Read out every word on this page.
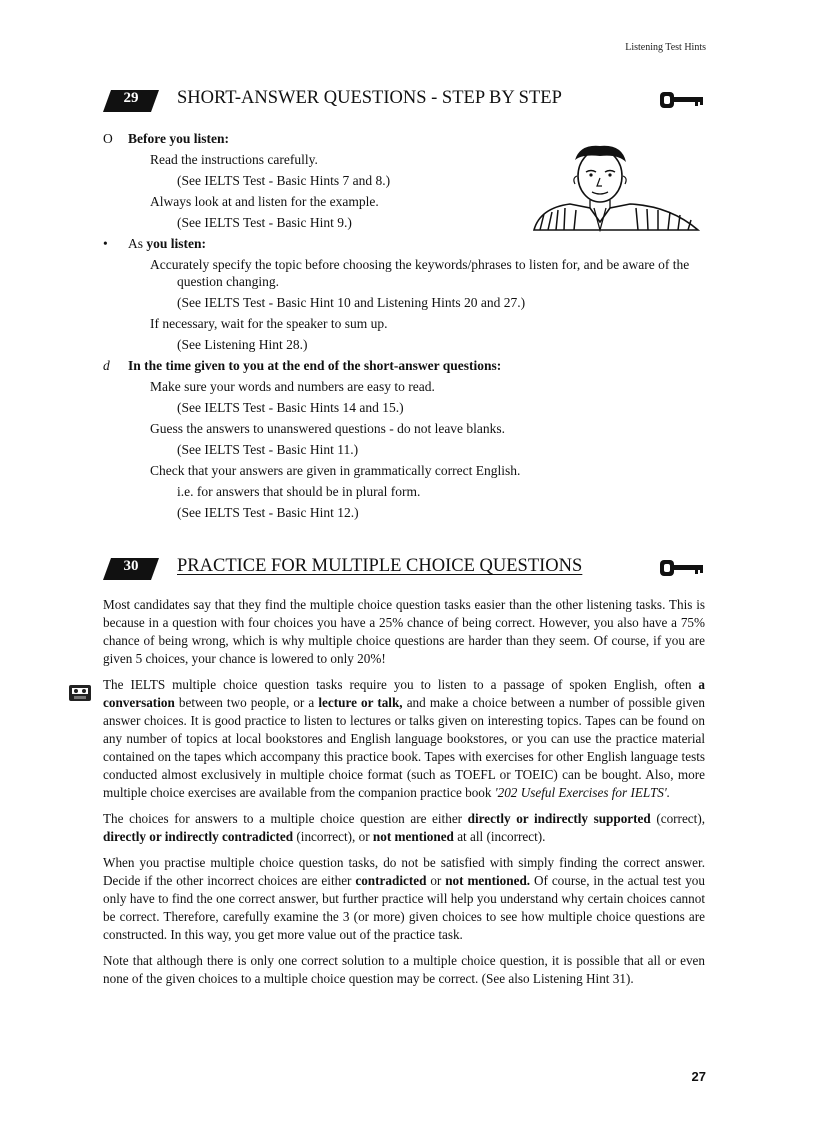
Listening Test Hints
29	SHORT-ANSWER QUESTIONS - STEP BY STEP
O	Before you listen:
Read the instructions carefully.
(See IELTS Test - Basic Hints 7 and 8.)
Always look at and listen for the example.
(See IELTS Test - Basic Hint 9.)
•	As you listen:
Accurately specify the topic before choosing the keywords/phrases to listen for, and be aware of the question changing.
(See IELTS Test - Basic Hint 10 and Listening Hints 20 and 27.)
If necessary, wait for the speaker to sum up.
(See Listening Hint 28.)
d	In the time given to you at the end of the short-answer questions:
Make sure your words and numbers are easy to read.
(See IELTS Test - Basic Hints 14 and 15.)
Guess the answers to unanswered questions - do not leave blanks.
(See IELTS Test - Basic Hint 11.)
Check that your answers are given in grammatically correct English.
i.e. for answers that should be in plural form.
(See IELTS Test - Basic Hint 12.)
30	PRACTICE FOR MULTIPLE CHOICE QUESTIONS

Most candidates say that they find the multiple choice question tasks easier than the other listening tasks. This is because in a question with four choices you have a 25% chance of being correct. However, you also have a 75% chance of being wrong, which is why multiple choice questions are harder than they seem. Of course, if you are given 5 choices, your chance is lowered to only 20%!

The IELTS multiple choice question tasks require you to listen to a passage of spoken English, often a conversation between two people, or a lecture or talk, and make a choice between a number of possible given answer choices. It is good practice to listen to lectures or talks given on interesting topics. Tapes can be found on any number of topics at local bookstores and English language bookstores, or you can use the practice material contained on the tapes which accompany this practice book. Tapes with exercises for other English language tests conducted almost exclusively in multiple choice format (such as TOEFL or TOEIC) can be bought. Also, more multiple choice exercises are available from the companion practice book '202 Useful Exercises for IELTS'.

The choices for answers to a multiple choice question are either directly or indirectly supported (correct), directly or indirectly contradicted (incorrect), or not mentioned at all (incorrect).

When you practise multiple choice question tasks, do not be satisfied with simply finding the correct answer. Decide if the other incorrect choices are either contradicted or not mentioned. Of course, in the actual test you only have to find the one correct answer, but further practice will help you understand why certain choices cannot be correct. Therefore, carefully examine the 3 (or more) given choices to see how multiple choice questions are constructed. In this way, you get more value out of the practice task.

Note that although there is only one correct solution to a multiple choice question, it is possible that all or even none of the given choices to a multiple choice question may be correct. (See also Listening Hint 31).

27
